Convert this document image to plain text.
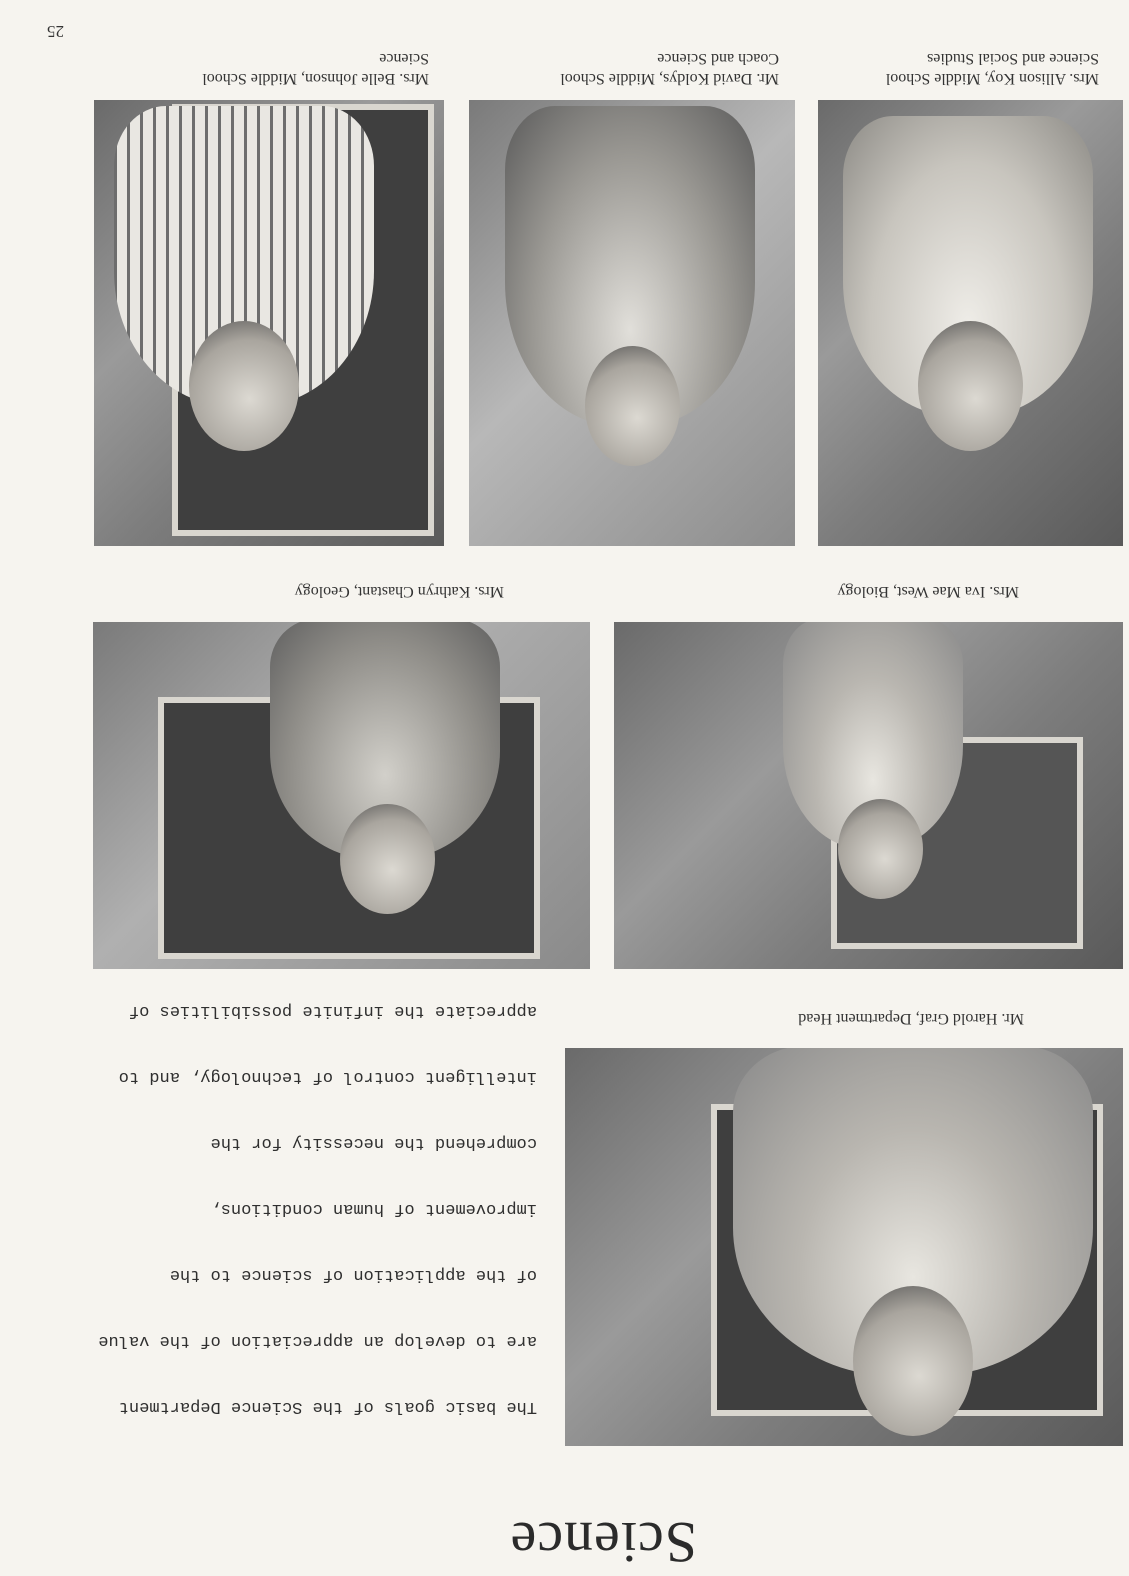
25
Science

The basic goals of the Science Department

are to develop an appreciation of the value

of the application of science to the

improvement of human conditions,

comprehend the necessity for the

intelligent control of technology, and to

appreciate the infinite possibilities of

	Mr. Harold Graf, Department Head
Mrs. Iva Mae West, Biology
Mrs. Kathryn Chastant, Geology
Mrs. Allison Koy, Middle School
Science and Social Studies
Mr. David Koldys, Middle School
Coach and Science
Mrs. Belle Johnson, Middle School
Science
